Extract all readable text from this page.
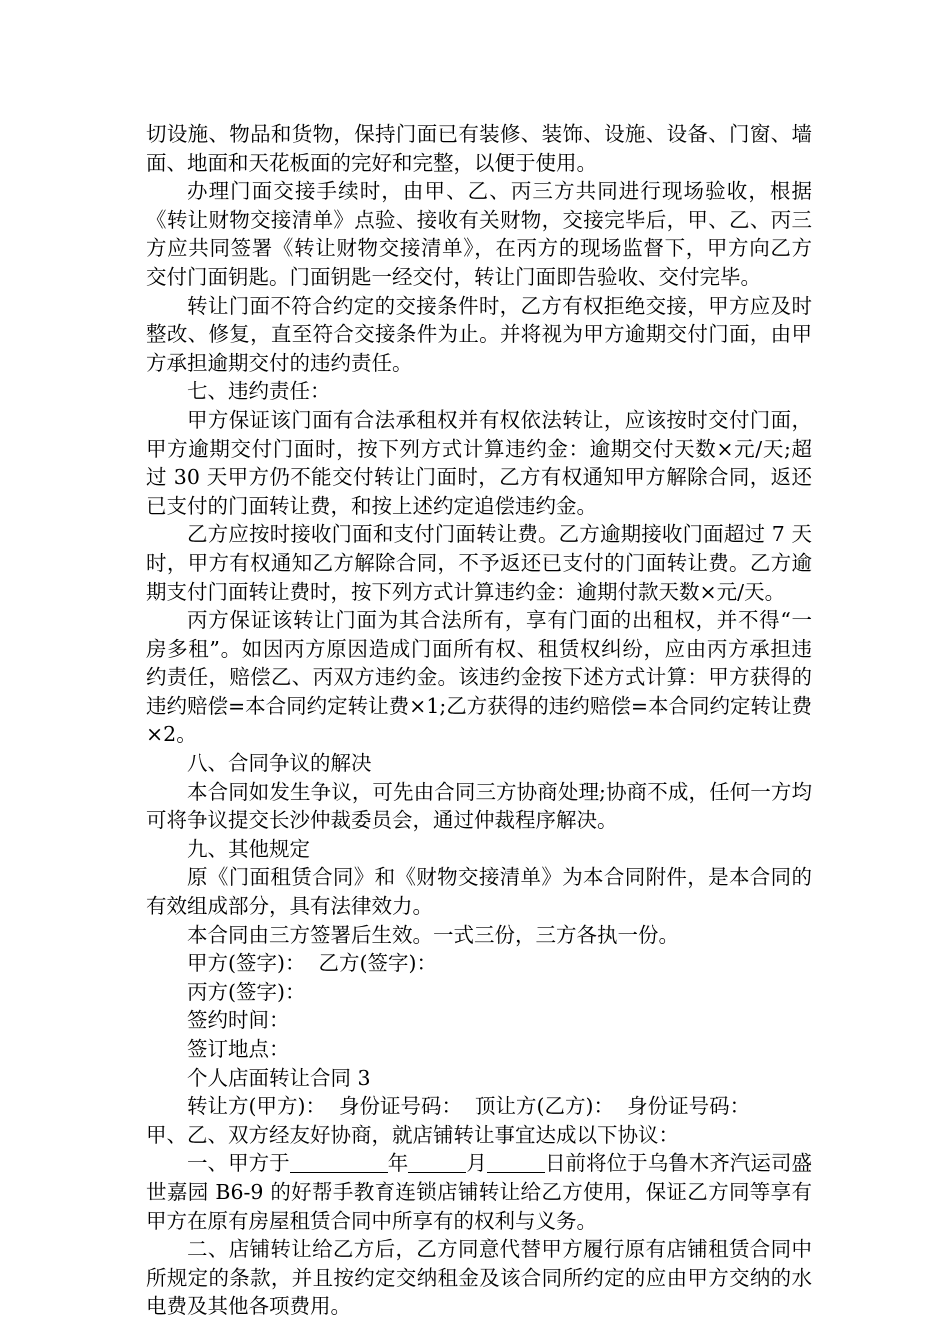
切设施、物品和货物，保持门面已有装修、装饰、设施、设备、门窗、墙面、地面和天花板面的完好和完整，以便于使用。

办理门面交接手续时，由甲、乙、丙三方共同进行现场验收，根据《转让财物交接清单》点验、接收有关财物，交接完毕后，甲、乙、丙三方应共同签署《转让财物交接清单》，在丙方的现场监督下，甲方向乙方交付门面钥匙。门面钥匙一经交付，转让门面即告验收、交付完毕。

转让门面不符合约定的交接条件时，乙方有权拒绝交接，甲方应及时整改、修复，直至符合交接条件为止。并将视为甲方逾期交付门面，由甲方承担逾期交付的违约责任。

七、违约责任：

甲方保证该门面有合法承租权并有权依法转让，应该按时交付门面，甲方逾期交付门面时，按下列方式计算违约金：逾期交付天数×元/天;超过 30 天甲方仍不能交付转让门面时，乙方有权通知甲方解除合同，返还已支付的门面转让费，和按上述约定追偿违约金。

乙方应按时接收门面和支付门面转让费。乙方逾期接收门面超过 7 天时，甲方有权通知乙方解除合同，不予返还已支付的门面转让费。乙方逾期支付门面转让费时，按下列方式计算违约金：逾期付款天数×元/天。

丙方保证该转让门面为其合法所有，享有门面的出租权，并不得“一房多租”。如因丙方原因造成门面所有权、租赁权纠纷，应由丙方承担违约责任，赔偿乙、丙双方违约金。该违约金按下述方式计算：甲方获得的违约赔偿=本合同约定转让费×1;乙方获得的违约赔偿=本合同约定转让费×2。

八、合同争议的解决

本合同如发生争议，可先由合同三方协商处理;协商不成，任何一方均可将争议提交长沙仲裁委员会，通过仲裁程序解决。

九、其他规定

原《门面租赁合同》和《财物交接清单》为本合同附件，是本合同的有效组成部分，具有法律效力。

本合同由三方签署后生效。一式三份，三方各执一份。

甲方(签字)：  乙方(签字)：

丙方(签字)：

签约时间：

签订地点：

个人店面转让合同 3

转让方(甲方)：  身份证号码：  顶让方(乙方)：  身份证号码：

甲、乙、双方经友好协商，就店铺转让事宜达成以下协议：

一、甲方于	年	月	日前将位于乌鲁木齐汽运司盛世嘉园 B6-9 的好帮手教育连锁店铺转让给乙方使用，保证乙方同等享有甲方在原有房屋租赁合同中所享有的权利与义务。

二、店铺转让给乙方后，乙方同意代替甲方履行原有店铺租赁合同中所规定的条款，并且按约定交纳租金及该合同所约定的应由甲方交纳的水电费及其他各项费用。
